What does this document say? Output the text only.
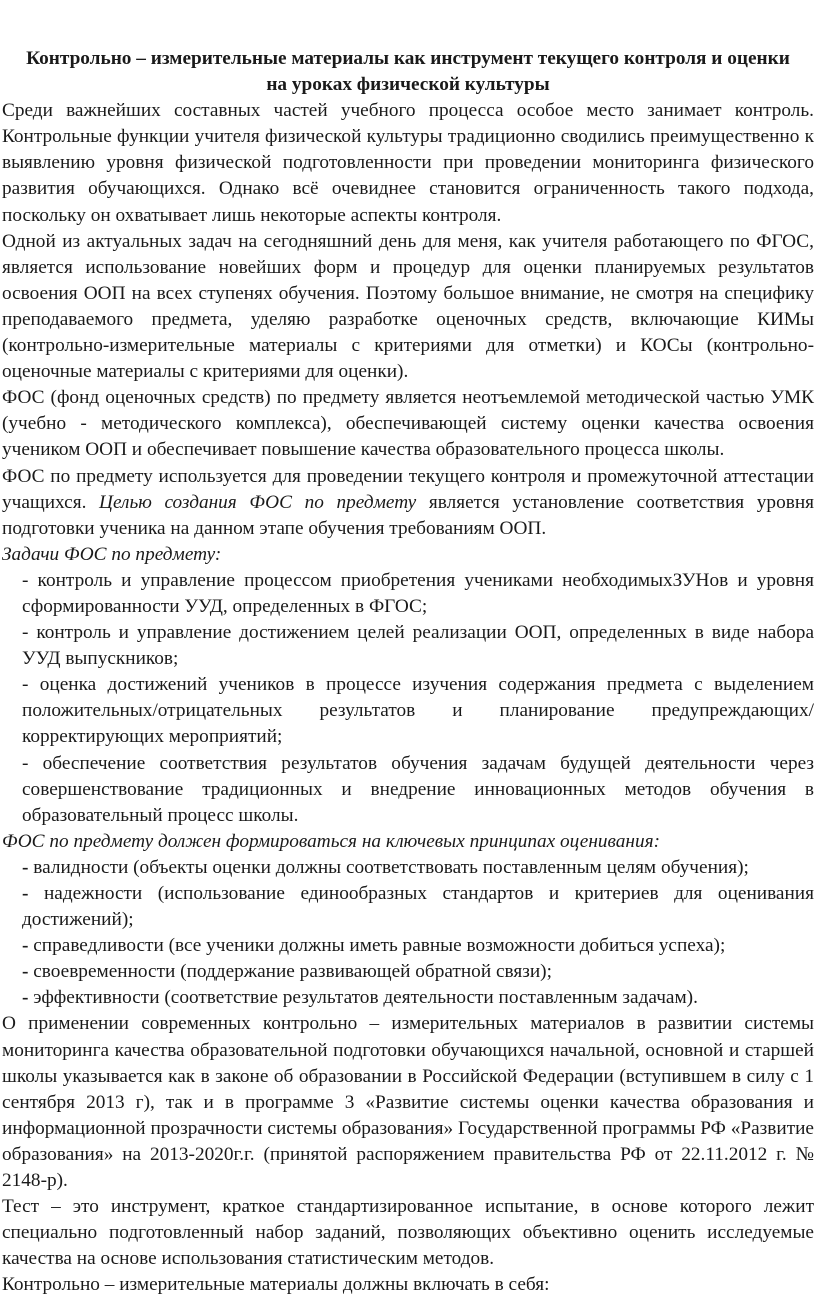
Контрольно – измерительные материалы как инструмент текущего контроля и оценки на уроках физической культуры

Среди важнейших составных частей учебного процесса особое место занимает контроль. Контрольные функции учителя физической культуры традиционно сводились преимущественно к выявлению уровня физической подготовленности при проведении мониторинга физического развития обучающихся. Однако всё очевиднее становится ограниченность такого подхода, поскольку он охватывает лишь некоторые аспекты контроля.

Одной из актуальных задач на сегодняшний день для меня, как учителя работающего по ФГОС, является использование новейших форм и процедур для оценки планируемых результатов освоения ООП на всех ступенях обучения. Поэтому большое внимание, не смотря на специфику преподаваемого предмета, уделяю разработке оценочных средств, включающие КИМы (контрольно-измерительные материалы с критериями для отметки) и КОСы (контрольно-оценочные материалы с критериями для оценки).

ФОС (фонд оценочных средств) по предмету является неотъемлемой методической частью УМК (учебно - методического комплекса), обеспечивающей систему оценки качества освоения учеником ООП и обеспечивает повышение качества образовательного процесса школы.

ФОС по предмету используется для проведении текущего контроля и промежуточной аттестации учащихся. Целью создания ФОС по предмету является установление соответствия уровня подготовки ученика на данном этапе обучения требованиям ООП.

Задачи ФОС по предмету:

- контроль и управление процессом приобретения учениками необходимыхЗУНов и уровня сформированности УУД, определенных в ФГОС;

- контроль и управление достижением целей реализации ООП, определенных в виде набора УУД выпускников;

- оценка достижений учеников в процессе изучения содержания предмета с выделением положительных/отрицательных результатов и планирование предупреждающих/корректирующих мероприятий;

- обеспечение соответствия результатов обучения задачам будущей деятельности через совершенствование традиционных и внедрение инновационных методов обучения в образовательный процесс школы.

ФОС по предмету должен формироваться на ключевых принципах оценивания:

- валидности (объекты оценки должны соответствовать поставленным целям обучения);

- надежности (использование единообразных стандартов и критериев для оценивания достижений);

- справедливости (все ученики должны иметь равные возможности добиться успеха);

- своевременности (поддержание развивающей обратной связи);

- эффективности (соответствие результатов деятельности поставленным задачам).

О применении современных контрольно – измерительных материалов в развитии системы мониторинга качества образовательной подготовки обучающихся начальной, основной и старшей школы указывается как в законе об образовании в Российской Федерации (вступившем в силу с 1 сентября 2013 г), так и в программе 3 «Развитие системы оценки качества образования и информационной прозрачности системы образования» Государственной программы РФ «Развитие образования» на 2013-2020г.г. (принятой распоряжением правительства РФ от 22.11.2012 г. № 2148-р).

Тест – это инструмент, краткое стандартизированное испытание, в основе которого лежит специально подготовленный набор заданий, позволяющих объективно оценить исследуемые качества на основе использования статистическим методов.

Контрольно – измерительные материалы должны включать в себя:
